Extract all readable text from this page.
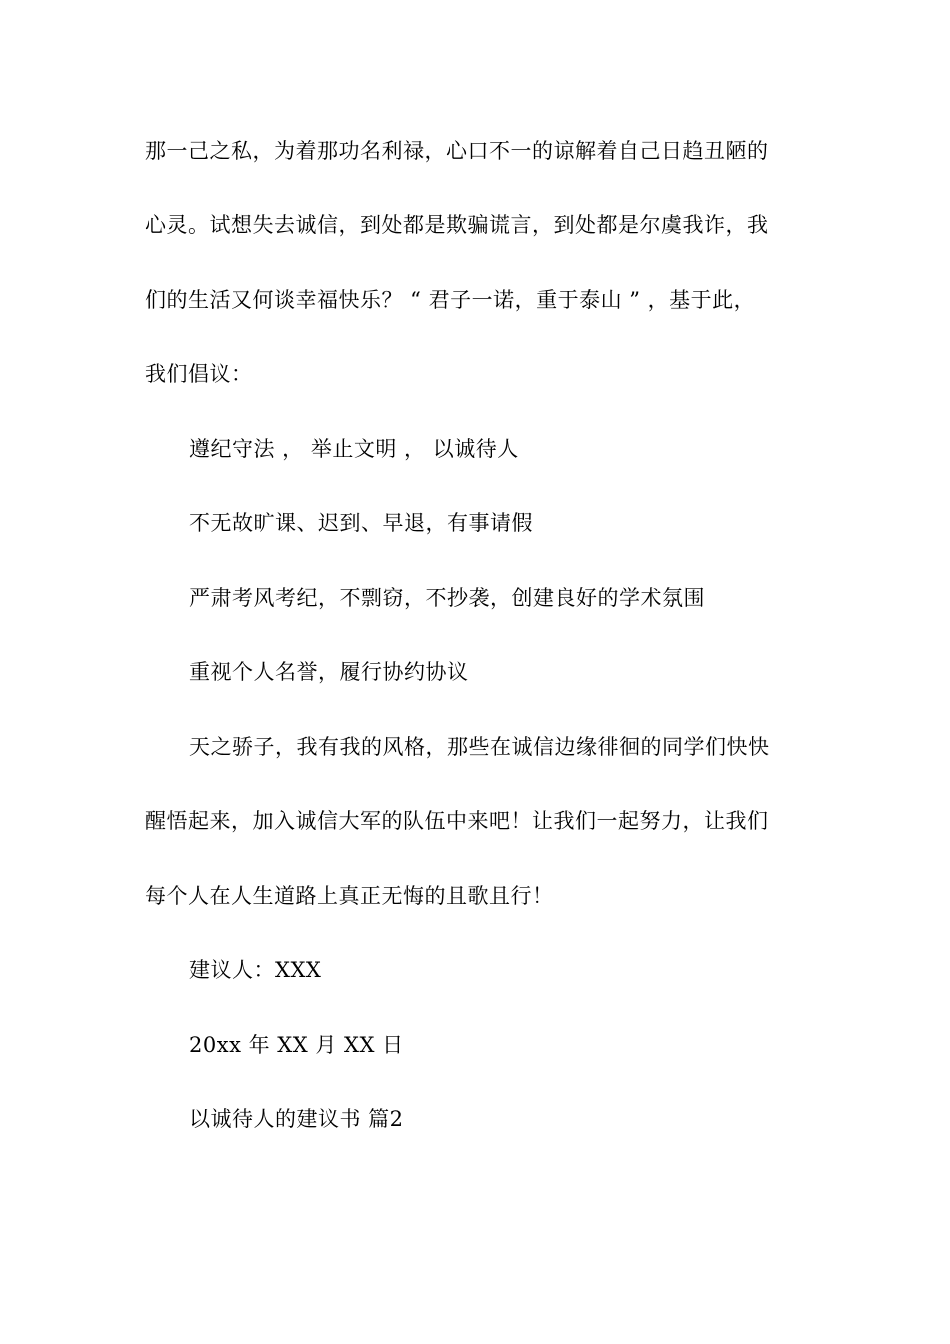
那一己之私，为着那功名利禄，心口不一的谅解着自己日趋丑陋的
心灵。试想失去诚信，到处都是欺骗谎言，到处都是尔虞我诈，我
们的生活又何谈幸福快乐？ “ 君子一诺，重于泰山 ” ，基于此，
我们倡议：
遵纪守法 ， 举止文明 ， 以诚待人
不无故旷课、迟到、早退，有事请假
严肃考风考纪，不剽窃，不抄袭，创建良好的学术氛围
重视个人名誉，履行协约协议
天之骄子，我有我的风格，那些在诚信边缘徘徊的同学们快快
醒悟起来，加入诚信大军的队伍中来吧！让我们一起努力，让我们
每个人在人生道路上真正无悔的且歌且行！
建议人：XXX
20xx 年 XX 月 XX 日
以诚待人的建议书 篇2
